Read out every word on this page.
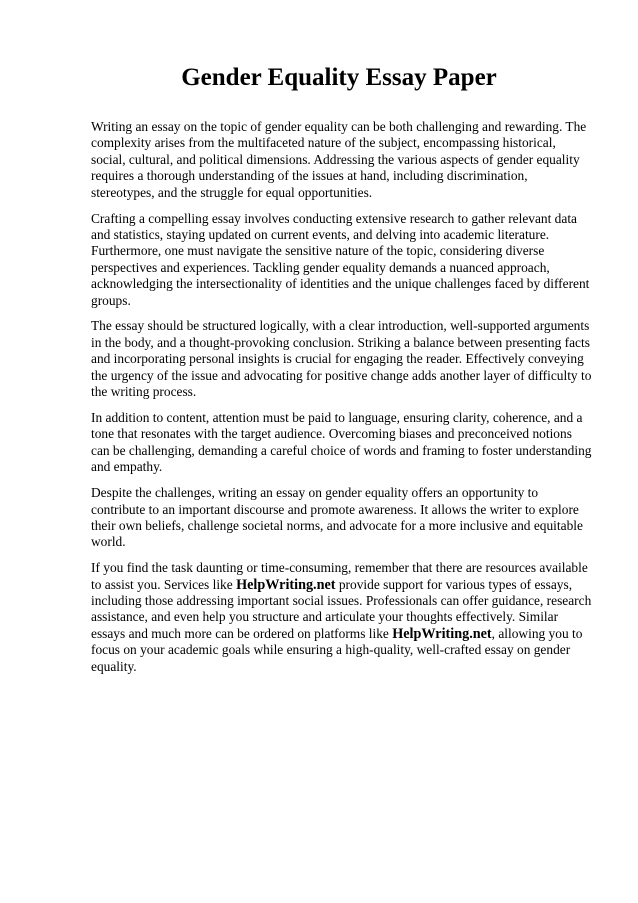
Gender Equality Essay Paper

Writing an essay on the topic of gender equality can be both challenging and rewarding. The complexity arises from the multifaceted nature of the subject, encompassing historical, social, cultural, and political dimensions. Addressing the various aspects of gender equality requires a thorough understanding of the issues at hand, including discrimination, stereotypes, and the struggle for equal opportunities.

Crafting a compelling essay involves conducting extensive research to gather relevant data and statistics, staying updated on current events, and delving into academic literature. Furthermore, one must navigate the sensitive nature of the topic, considering diverse perspectives and experiences. Tackling gender equality demands a nuanced approach, acknowledging the intersectionality of identities and the unique challenges faced by different groups.

The essay should be structured logically, with a clear introduction, well-supported arguments in the body, and a thought-provoking conclusion. Striking a balance between presenting facts and incorporating personal insights is crucial for engaging the reader. Effectively conveying the urgency of the issue and advocating for positive change adds another layer of difficulty to the writing process.

In addition to content, attention must be paid to language, ensuring clarity, coherence, and a tone that resonates with the target audience. Overcoming biases and preconceived notions can be challenging, demanding a careful choice of words and framing to foster understanding and empathy.

Despite the challenges, writing an essay on gender equality offers an opportunity to contribute to an important discourse and promote awareness. It allows the writer to explore their own beliefs, challenge societal norms, and advocate for a more inclusive and equitable world.

If you find the task daunting or time-consuming, remember that there are resources available to assist you. Services like HelpWriting.net provide support for various types of essays, including those addressing important social issues. Professionals can offer guidance, research assistance, and even help you structure and articulate your thoughts effectively. Similar essays and much more can be ordered on platforms like HelpWriting.net, allowing you to focus on your academic goals while ensuring a high-quality, well-crafted essay on gender equality.
